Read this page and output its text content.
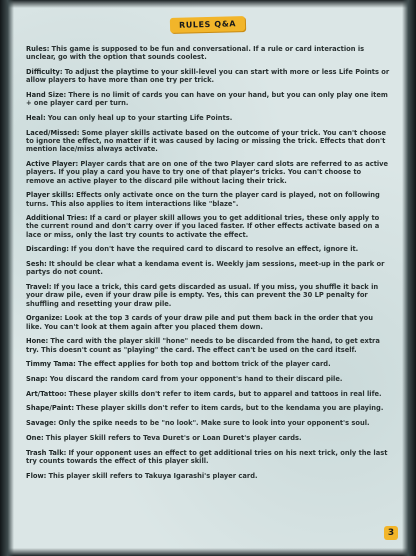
RULES Q&A

Rules: This game is supposed to be fun and conversational. If a rule or card interaction is unclear, go with the option that sounds coolest.

Difficulty: To adjust the playtime to your skill-level you can start with more or less Life Points or allow players to have more than one try per trick.

Hand Size: There is no limit of cards you can have on your hand, but you can only play one item + one player card per turn.

Heal: You can only heal up to your starting Life Points.

Laced/Missed: Some player skills activate based on the outcome of your trick. You can't choose to ignore the effect, no matter if it was caused by lacing or missing the trick. Effects that don't mention lace/miss always activate.

Active Player: Player cards that are on one of the two Player card slots are referred to as active players. If you play a card you have to try one of that player's tricks. You can't choose to remove an active player to the discard pile without lacing their trick.

Player skills: Effects only activate once on the turn the player card is played, not on following turns. This also applies to item interactions like "blaze".

Additional Tries: If a card or player skill allows you to get additional tries, these only apply to the current round and don't carry over if you laced faster. If other effects activate based on a lace or miss, only the last try counts to activate the effect.

Discarding: If you don't have the required card to discard to resolve an effect, ignore it.

Sesh: It should be clear what a kendama event is. Weekly jam sessions, meet-up in the park or partys do not count.

Travel: If you lace a trick, this card gets discarded as usual. If you miss, you shuffle it back in your draw pile, even if your draw pile is empty. Yes, this can prevent the 30 LP penalty for shuffling and resetting your draw pile.

Organize: Look at the top 3 cards of your draw pile and put them back in the order that you like. You can't look at them again after you placed them down.

Hone: The card with the player skill "hone" needs to be discarded from the hand, to get extra try. This doesn't count as "playing" the card. The effect can't be used on the card itself.

Timmy Tama: The effect applies for both top and bottom trick of the player card.

Snap: You discard the random card from your opponent's hand to their discard pile.

Art/Tattoo: These player skills don't refer to item cards, but to apparel and tattoos in real life.

Shape/Paint: These player skills don't refer to item cards, but to the kendama you are playing.

Savage: Only the spike needs to be "no look". Make sure to look into your opponent's soul.

One: This player Skill refers to Teva Duret's or Loan Duret's player cards.

Trash Talk: If your opponent uses an effect to get additional tries on his next trick, only the last try counts towards the effect of this player skill.

Flow: This player skill refers to Takuya Igarashi's player card.

3
